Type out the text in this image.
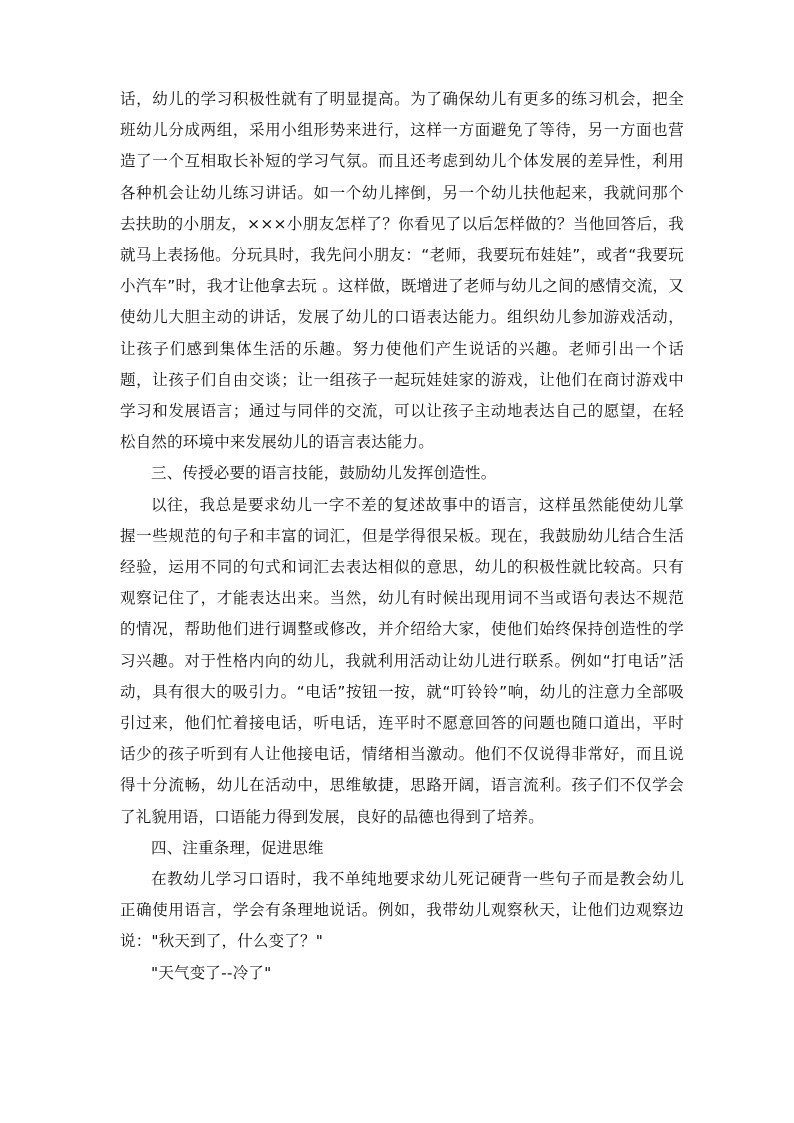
话，幼儿的学习积极性就有了明显提高。为了确保幼儿有更多的练习机会，把全班幼儿分成两组，采用小组形势来进行，这样一方面避免了等待，另一方面也营造了一个互相取长补短的学习气氛。而且还考虑到幼儿个体发展的差异性，利用各种机会让幼儿练习讲话。如一个幼儿摔倒，另一个幼儿扶他起来，我就问那个去扶助的小朋友，×××小朋友怎样了？你看见了以后怎样做的？当他回答后，我就马上表扬他。分玩具时，我先问小朋友：“老师，我要玩布娃娃”，或者“我要玩小汽车”时，我才让他拿去玩 。这样做，既增进了老师与幼儿之间的感情交流，又使幼儿大胆主动的讲话，发展了幼儿的口语表达能力。组织幼儿参加游戏活动，让孩子们感到集体生活的乐趣。努力使他们产生说话的兴趣。老师引出一个话题，让孩子们自由交谈；让一组孩子一起玩娃娃家的游戏，让他们在商讨游戏中学习和发展语言；通过与同伴的交流，可以让孩子主动地表达自己的愿望，在轻松自然的环境中来发展幼儿的语言表达能力。

三、传授必要的语言技能，鼓励幼儿发挥创造性。

以往，我总是要求幼儿一字不差的复述故事中的语言，这样虽然能使幼儿掌握一些规范的句子和丰富的词汇，但是学得很呆板。现在，我鼓励幼儿结合生活经验，运用不同的句式和词汇去表达相似的意思，幼儿的积极性就比较高。只有观察记住了，才能表达出来。当然，幼儿有时候出现用词不当或语句表达不规范的情况，帮助他们进行调整或修改，并介绍给大家，使他们始终保持创造性的学习兴趣。对于性格内向的幼儿，我就利用活动让幼儿进行联系。例如“打电话”活动，具有很大的吸引力。“电话”按钮一按，就“叮铃铃”响，幼儿的注意力全部吸引过来，他们忙着接电话，听电话，连平时不愿意回答的问题也随口道出，平时话少的孩子听到有人让他接电话，情绪相当激动。他们不仅说得非常好，而且说得十分流畅，幼儿在活动中，思维敏捷，思路开阔，语言流利。孩子们不仅学会了礼貌用语，口语能力得到发展，良好的品德也得到了培养。

四、注重条理，促进思维

在教幼儿学习口语时，我不单纯地要求幼儿死记硬背一些句子而是教会幼儿正确使用语言，学会有条理地说话。例如，我带幼儿观察秋天，让他们边观察边说："秋天到了，什么变了？"

"天气变了--冷了"
